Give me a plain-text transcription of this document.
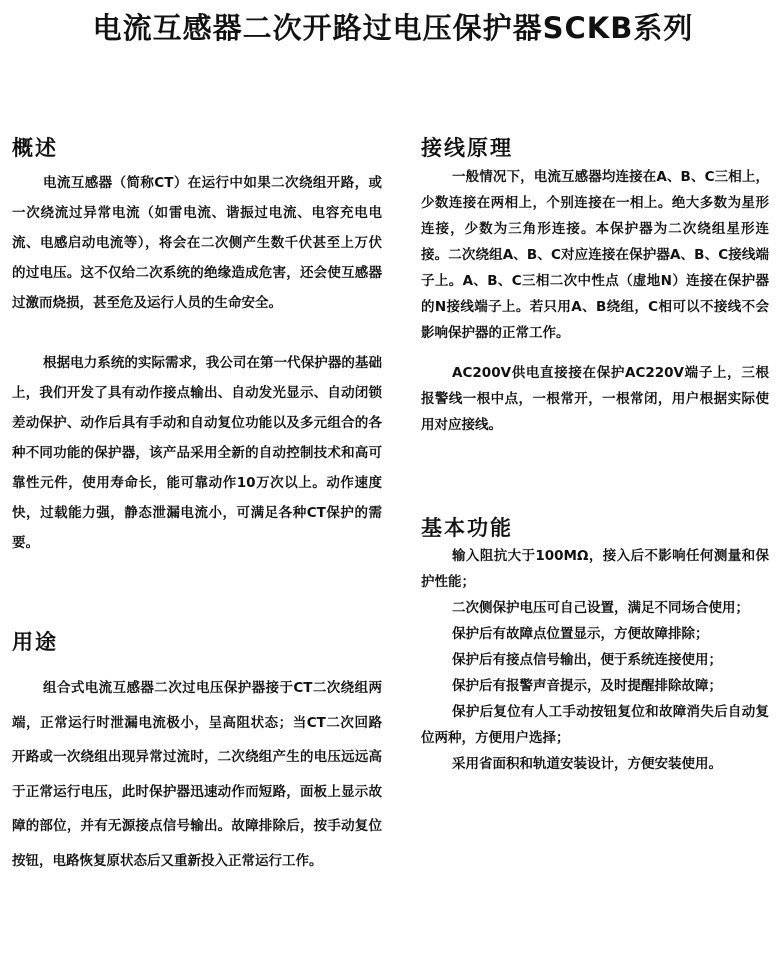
电流互感器二次开路过电压保护器SCKB系列
概述

电流互感器（简称CT）在运行中如果二次绕组开路，或一次绕流过异常电流（如雷电流、谐振过电流、电容充电电流、电感启动电流等），将会在二次侧产生数千伏甚至上万伏的过电压。这不仅给二次系统的绝缘造成危害，还会使互感器过激而烧损，甚至危及运行人员的生命安全。

根据电力系统的实际需求，我公司在第一代保护器的基础上，我们开发了具有动作接点输出、自动发光显示、自动闭锁差动保护、动作后具有手动和自动复位功能以及多元组合的各种不同功能的保护器，该产品采用全新的自动控制技术和高可靠性元件，使用寿命长，能可靠动作10万次以上。动作速度快，过载能力强，静态泄漏电流小，可满足各种CT保护的需要。

用途

组合式电流互感器二次过电压保护器接于CT二次绕组两端，正常运行时泄漏电流极小，呈高阻状态；当CT二次回路开路或一次绕组出现异常过流时，二次绕组产生的电压远远高于正常运行电压，此时保护器迅速动作而短路，面板上显示故障的部位，并有无源接点信号输出。故障排除后，按手动复位按钮，电路恢复原状态后又重新投入正常运行工作。

接线原理

一般情况下，电流互感器均连接在A、B、C三相上，少数连接在两相上，个别连接在一相上。绝大多数为星形连接，少数为三角形连接。本保护器为二次绕组星形连接。二次绕组A、B、C对应连接在保护器A、B、C接线端子上。A、B、C三相二次中性点（虚地N）连接在保护器的N接线端子上。若只用A、B绕组，C相可以不接线不会影响保护器的正常工作。

AC200V供电直接接在保护AC220V端子上，三根报警线一根中点，一根常开，一根常闭，用户根据实际使用对应接线。

基本功能

输入阻抗大于100MΩ，接入后不影响任何测量和保护性能；

二次侧保护电压可自己设置，满足不同场合使用；

保护后有故障点位置显示，方便故障排除；

保护后有接点信号输出，便于系统连接使用；

保护后有报警声音提示，及时提醒排除故障；

保护后复位有人工手动按钮复位和故障消失后自动复位两种，方便用户选择；

采用省面积和轨道安装设计，方便安装使用。
